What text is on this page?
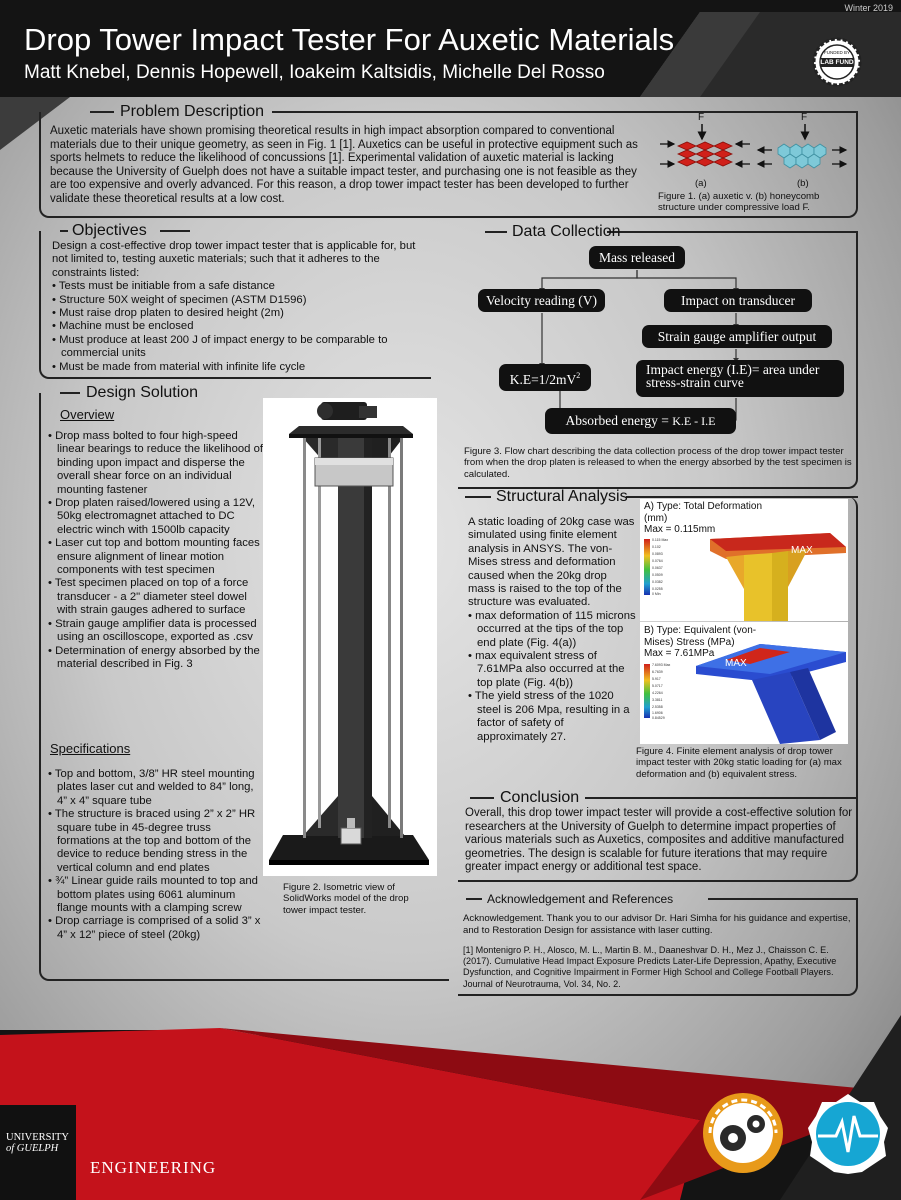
Winter 2019
Drop Tower Impact Tester For Auxetic Materials
Matt Knebel, Dennis Hopewell, Ioakeim Kaltsidis, Michelle Del Rosso
FUNDED BY
LAB FUND
Problem Description
Auxetic materials have shown promising theoretical results in high impact absorption compared to conventional materials due to their unique geometry, as seen in Fig. 1 [1]. Auxetics can be useful in protective equipment such as sports helmets to reduce the likelihood of concussions [1]. Experimental validation of auxetic material is lacking because the University of Guelph does not have a suitable impact tester, and purchasing one is not feasible as they are too expensive and overly advanced. For this reason, a drop tower impact tester has been developed to further validate these theoretical results at a low cost.
F	F
(a)	(b)
Figure 1. (a) auxetic v. (b) honeycomb structure under compressive load F.
Objectives

Design a cost-effective drop tower impact tester that is applicable for, but not limited to, testing auxetic materials; such that it adheres to the constraints listed:

• Tests must be initiable from a safe distance
• Structure 50X weight of specimen (ASTM D1596)
• Must raise drop platen to desired height (2m)
• Machine must be enclosed
• Must produce at least 200 J of impact energy to be comparable to commercial units
• Must be made from material with infinite life cycle
Design Solution
Overview
• Drop mass bolted to four high-speed linear bearings to reduce the likelihood of binding upon impact and disperse the overall shear force on an individual mounting fastener
• Drop platen raised/lowered using a 12V, 50kg electromagnet attached to DC electric winch with 1500lb capacity
• Laser cut top and bottom mounting faces ensure alignment of linear motion components with test specimen
• Test specimen placed on top of a force transducer - a 2" diameter steel dowel with strain gauges adhered to surface
• Strain gauge amplifier data is processed using an oscilloscope, exported as .csv
• Determination of energy absorbed by the material described in Fig. 3
Specifications
• Top and bottom, 3/8” HR steel mounting plates laser cut and welded to 84” long, 4” x 4” square tube
• The structure is braced using 2” x 2” HR square tube in 45-degree truss formations at the top and bottom of the device to reduce bending stress in the vertical column and end plates
• ¾” Linear guide rails mounted to top and bottom plates using 6061 aluminum flange mounts with a clamping screw
• Drop carriage is comprised of a solid 3” x 4” x 12” piece of steel (20kg)
Figure 2. Isometric view of SolidWorks model of the drop tower impact tester.
Data Collection
Mass released
Velocity reading (V)	Impact on transducer
Strain gauge amplifier output
$K.E=1/2mV^2$	Impact energy (I.E)= area under
stress-strain curve
Absorbed energy = K.E - I.E
Figure 3. Flow chart describing the data collection process of the drop tower impact tester from when the drop platen is released to when the energy absorbed by the test specimen is calculated.
Structural Analysis

A static loading of 20kg case was simulated using finite element analysis in ANSYS. The von-Mises stress and deformation caused when the 20kg drop mass is raised to the top of the structure was evaluated.

• max deformation of 115 microns occurred at the tips of the top end plate (Fig. 4(a))
• max equivalent stress of 7.61MPa also occurred at the top plate (Fig. 4(b))
• The yield stress of the 1020 steel is 206 Mpa, resulting in a factor of safety of approximately 27.
0.115 Max
0.102
0.0893
0.0764
0.0637
0.0509
0.0382
0.0255
0 Min
A) Type: Total Deformation (mm)
Max = 0.115mm
MAX
7.6093 Max
6.7639
5.917
5.0717
4.2264
3.3811
2.5358
1.6906
0.84529
B) Type: Equivalent (von-Mises) Stress (MPa)
Max = 7.61MPa
MAX
Figure 4. Finite element analysis of drop tower impact tester with 20kg static loading for (a) max deformation and (b) equivalent stress.
Conclusion
Overall, this drop tower impact tester will provide a cost-effective solution for researchers at the University of Guelph to determine impact properties of various materials such as Auxetics, composites and additive manufactured geometries. The design is scalable for future iterations that may require greater impact energy or additional test space.
Acknowledgement and References
Acknowledgement. Thank you to our advisor Dr. Hari Simha for his guidance and expertise, and to Restoration Design for assistance with laser cutting.
[1] Montenigro P. H., Alosco, M. L., Martin B. M., Daaneshvar D. H., Mez J., Chaisson C. E. (2017). Cumulative Head Impact Exposure Predicts Later-Life Depression, Apathy, Executive Dysfunction, and Cognitive Impairment in Former High School and College Football Players. Journal of Neurotrauma, Vol. 34, No. 2.
UNIVERSITY
of GUELPH
ENGINEERING
